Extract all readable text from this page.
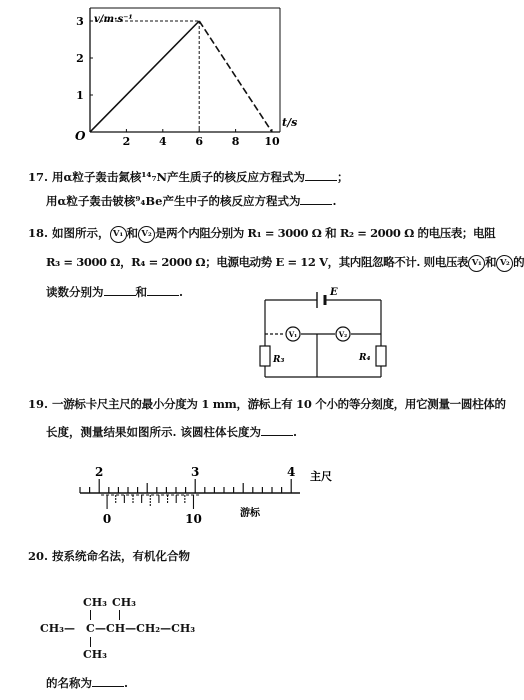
2	4	6	8 10
1
2
3 v/m·s⁻¹
t/s
O
17. 用α粒子轰击氮核¹⁴₇N产生质子的核反应方程式为	；
用α粒子轰击铍核⁹₄Be产生中子的核反应方程式为	.
18. 如图所示， V₁ 和 V₂ 是两个内阻分别为 R₁ = 3000 Ω 和 R₂ = 2000 Ω 的电压表；电阻
R₃ = 3000 Ω，R₄ = 2000 Ω；电源电动势 E = 12 V，其内阻忽略不计. 则电压表 V₁ 和 V₂ 的
读数分别为	和	.	E
V₁	V₂
R₃	R₄
19. 一游标卡尺主尺的最小分度为 1 mm，游标上有 10 个小的等分刻度，用它测量一圆柱体的
长度，测量结果如图所示. 该圆柱体长度为	.
2	3	4
0	10
主尺
游标
20. 按系统命名法，有机化合物
CH₃ CH₃
CH₃— C —CH—CH₂—CH₃
CH₃
的名称为	.
